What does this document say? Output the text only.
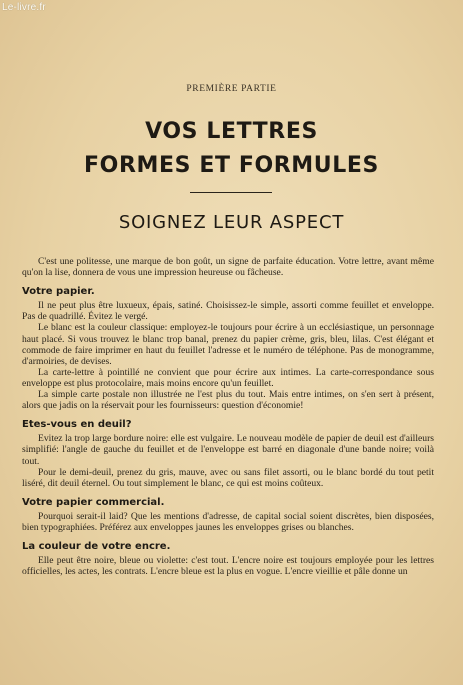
Le-livre.fr
PREMIÈRE PARTIE
VOS LETTRES
FORMES ET FORMULES
SOIGNEZ LEUR ASPECT

C'est une politesse, une marque de bon goût, un signe de parfaite éducation. Votre lettre, avant même qu'on la lise, donnera de vous une impression heureuse ou fâcheuse.

Votre papier.

Il ne peut plus être luxueux, épais, satiné. Choisissez-le simple, assorti comme feuillet et enveloppe. Pas de quadrillé. Évitez le vergé.

Le blanc est la couleur classique: employez-le toujours pour écrire à un ecclésiastique, un personnage haut placé. Si vous trouvez le blanc trop banal, prenez du papier crème, gris, bleu, lilas. C'est élégant et commode de faire imprimer en haut du feuillet l'adresse et le numéro de téléphone. Pas de monogramme, d'armoiries, de devises.

La carte-lettre à pointillé ne convient que pour écrire aux intimes. La carte-correspondance sous enveloppe est plus protocolaire, mais moins encore qu'un feuillet.

La simple carte postale non illustrée ne l'est plus du tout. Mais entre intimes, on s'en sert à présent, alors que jadis on la réservait pour les fournisseurs: question d'économie!

Etes-vous en deuil?

Evitez la trop large bordure noire: elle est vulgaire. Le nouveau modèle de papier de deuil est d'ailleurs simplifié: l'angle de gauche du feuillet et de l'enveloppe est barré en diagonale d'une bande noire; voilà tout.

Pour le demi-deuil, prenez du gris, mauve, avec ou sans filet assorti, ou le blanc bordé du tout petit liséré, dit deuil éternel. Ou tout simplement le blanc, ce qui est moins coûteux.

Votre papier commercial.

Pourquoi serait-il laid? Que les mentions d'adresse, de capital social soient discrètes, bien disposées, bien typographiées. Préférez aux enveloppes jaunes les enveloppes grises ou blanches.

La couleur de votre encre.

Elle peut être noire, bleue ou violette: c'est tout. L'encre noire est toujours employée pour les lettres officielles, les actes, les contrats. L'encre bleue est la plus en vogue. L'encre vieillie et pâle donne un
